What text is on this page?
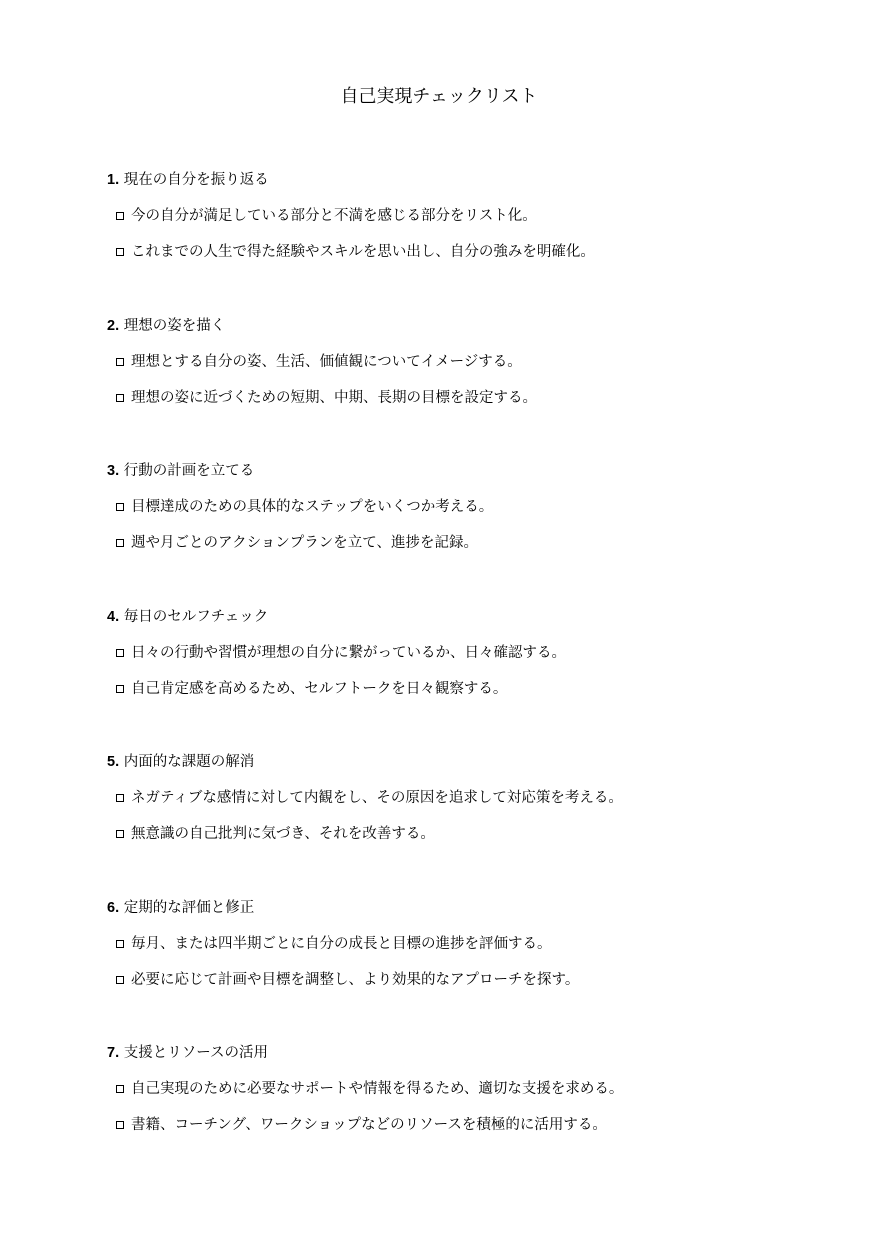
自己実現チェックリスト
1. 現在の自分を振り返る
今の自分が満足している部分と不満を感じる部分をリスト化。
これまでの人生で得た経験やスキルを思い出し、自分の強みを明確化。
2. 理想の姿を描く
理想とする自分の姿、生活、価値観についてイメージする。
理想の姿に近づくための短期、中期、長期の目標を設定する。
3. 行動の計画を立てる
目標達成のための具体的なステップをいくつか考える。
週や月ごとのアクションプランを立て、進捗を記録。
4. 毎日のセルフチェック
日々の行動や習慣が理想の自分に繋がっているか、日々確認する。
自己肯定感を高めるため、セルフトークを日々観察する。
5. 内面的な課題の解消
ネガティブな感情に対して内観をし、その原因を追求して対応策を考える。
無意識の自己批判に気づき、それを改善する。
6. 定期的な評価と修正
毎月、または四半期ごとに自分の成長と目標の進捗を評価する。
必要に応じて計画や目標を調整し、より効果的なアプローチを探す。
7. 支援とリソースの活用
自己実現のために必要なサポートや情報を得るため、適切な支援を求める。
書籍、コーチング、ワークショップなどのリソースを積極的に活用する。
